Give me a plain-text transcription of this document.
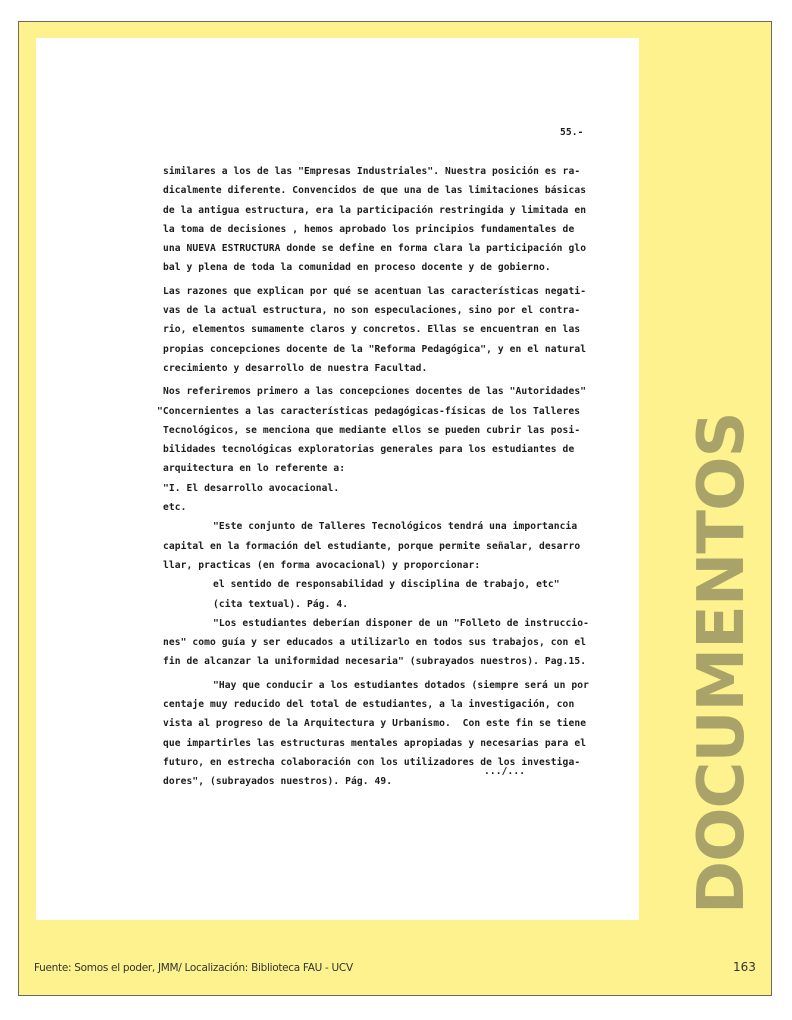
55.-

similares a los de las "Empresas Industriales". Nuestra posición es ra-

dicalmente diferente. Convencidos de que una de las limitaciones básicas

de la antigua estructura, era la participación restringida y limitada en

la toma de decisiones , hemos aprobado los principios fundamentales de

una NUEVA ESTRUCTURA donde se define en forma clara la participación glo

bal y plena de toda la comunidad en proceso docente y de gobierno.

Las razones que explican por qué se acentuan las características negati-

vas de la actual estructura, no son especulaciones, sino por el contra-

rio, elementos sumamente claros y concretos. Ellas se encuentran en las

propias concepciones docente de la "Reforma Pedagógica", y en el natural

crecimiento y desarrollo de nuestra Facultad.

Nos referiremos primero a las concepciones docentes de las "Autoridades"

"Concernientes a las características pedagógicas-físicas de los Talleres

Tecnológicos, se menciona que mediante ellos se pueden cubrir las posi-

bilidades tecnológicas exploratorias generales para los estudiantes de

arquitectura en lo referente a:

"I. El desarrollo avocacional.

etc.

"Este conjunto de Talleres Tecnológicos tendrá una importancia

capital en la formación del estudiante, porque permite señalar, desarro

llar, practicas (en forma avocacional) y proporcionar:

el sentido de responsabilidad y disciplina de trabajo, etc"

(cita textual). Pág. 4.

"Los estudiantes deberían disponer de un "Folleto de instruccio-

nes" como guía y ser educados a utilizarlo en todos sus trabajos, con el

fin de alcanzar la uniformidad necesaria" (subrayados nuestros). Pag.15.

"Hay que conducir a los estudiantes dotados (siempre será un por

centaje muy reducido del total de estudiantes, a la investigación, con

vista al progreso de la Arquitectura y Urbanismo.  Con este fin se tiene

que impartirles las estructuras mentales apropiadas y necesarias para el

futuro, en estrecha colaboración con los utilizadores de los investiga-

dores", (subrayados nuestros). Pág. 49.

.../... DOCUMENTOS
Fuente: Somos el poder, JMM/ Localización: Biblioteca FAU - UCV	163
